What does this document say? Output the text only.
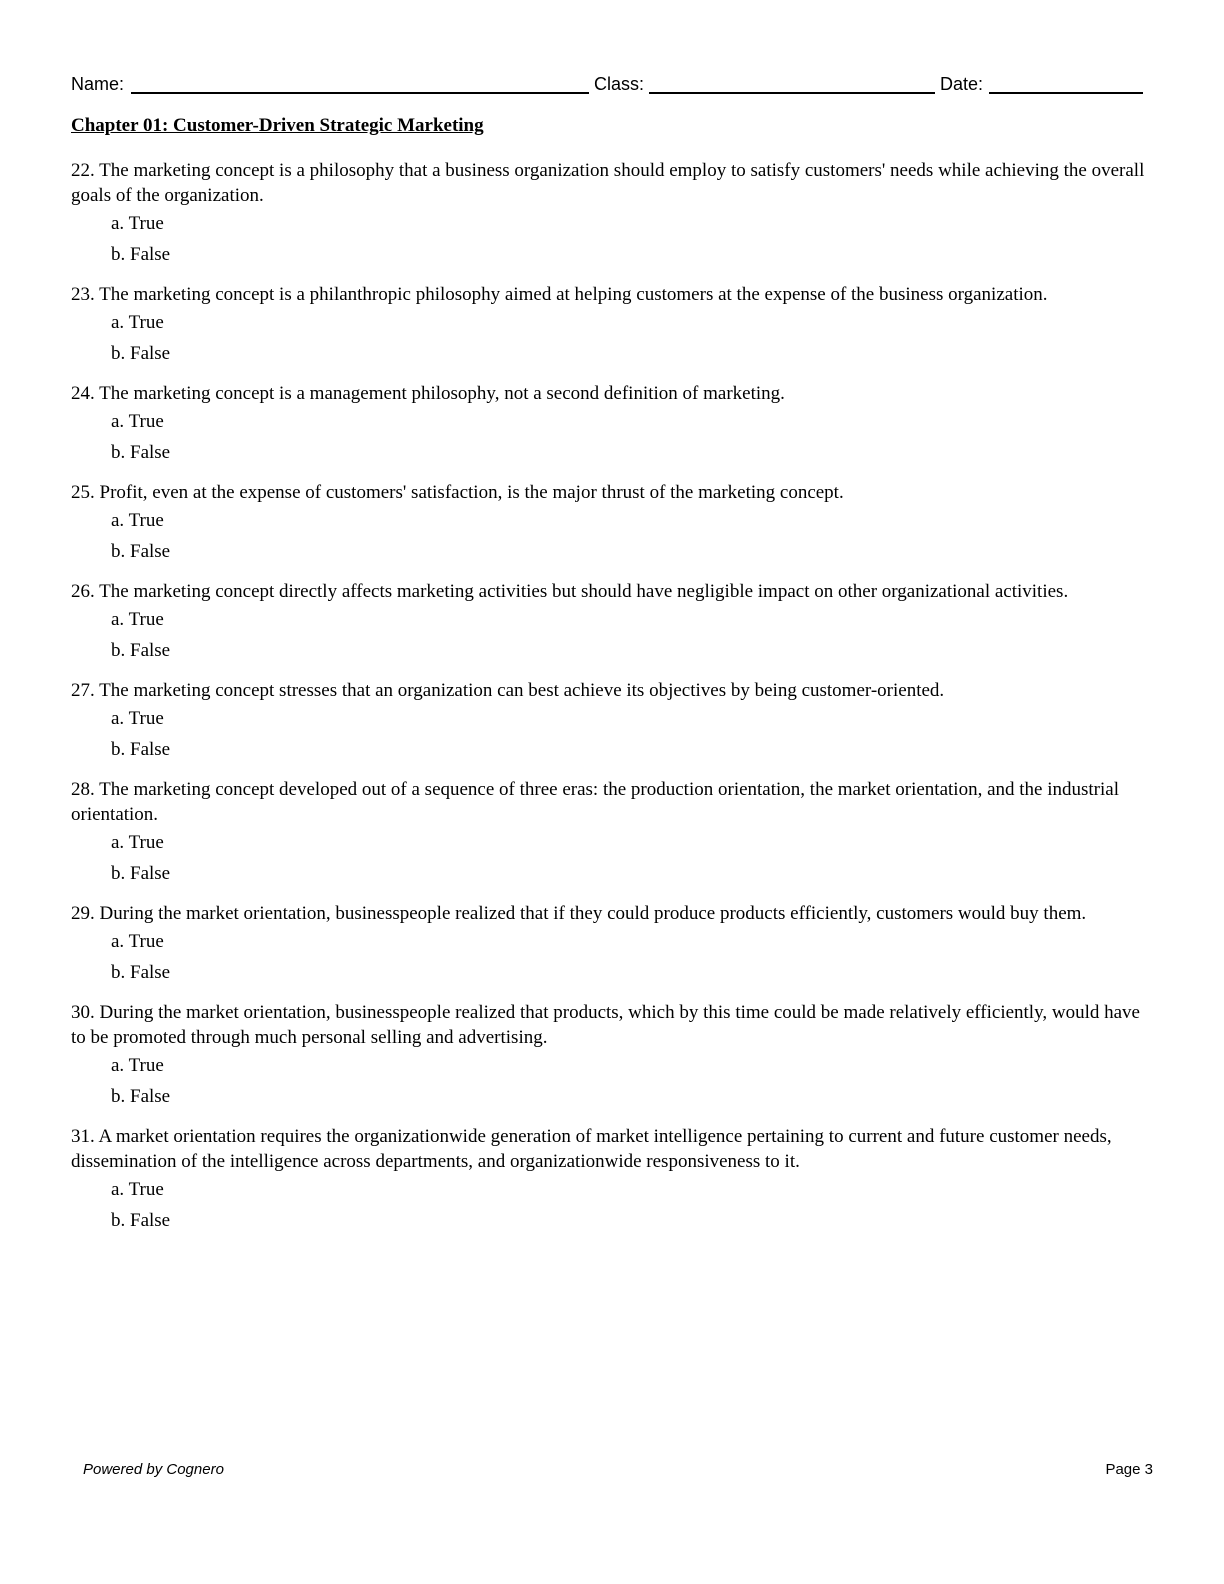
Name:	Class:	Date:
Chapter 01: Customer-Driven Strategic Marketing

22. The marketing concept is a philosophy that a business organization should employ to satisfy customers' needs while achieving the overall goals of the organization.

a. True
b. False

23. The marketing concept is a philanthropic philosophy aimed at helping customers at the expense of the business organization.

a. True
b. False

24. The marketing concept is a management philosophy, not a second definition of marketing.

a. True
b. False

25. Profit, even at the expense of customers' satisfaction, is the major thrust of the marketing concept.

a. True
b. False

26. The marketing concept directly affects marketing activities but should have negligible impact on other organizational activities.

a. True
b. False

27. The marketing concept stresses that an organization can best achieve its objectives by being customer-oriented.

a. True
b. False

28. The marketing concept developed out of a sequence of three eras: the production orientation, the market orientation, and the industrial orientation.

a. True
b. False

29. During the market orientation, businesspeople realized that if they could produce products efficiently, customers would buy them.

a. True
b. False

30. During the market orientation, businesspeople realized that products, which by this time could be made relatively efficiently, would have to be promoted through much personal selling and advertising.

a. True
b. False

31. A market orientation requires the organizationwide generation of market intelligence pertaining to current and future customer needs, dissemination of the intelligence across departments, and organizationwide responsiveness to it.

a. True
b. False
Powered by Cognero	Page 3
